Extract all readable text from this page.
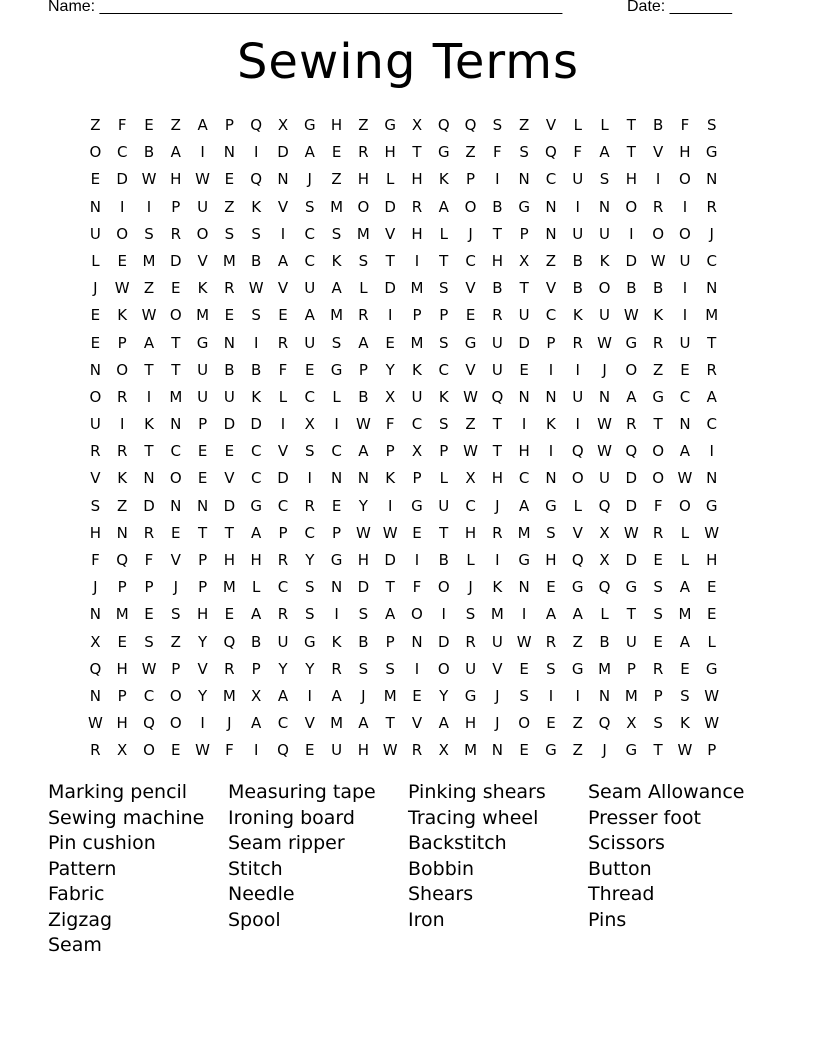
Name: ____________________________________________________	Date: _______
Sewing Terms
Z	F	E	Z	A	P	Q	X	G	H	Z	G	X	Q Q	S	Z	V	L	L	T	B	F	S
O	C	B	A	I	N	I	D	A	E	R	H	T	G	Z	F	S	Q	F	A	T	V	H	G
E	D W H W E	Q	N	J	Z	H	L	H	K	P	I	N	C	U	S	H	I	O	N
N	I	I	P	U	Z	K	V	S	M O	D	R	A	O	B	G	N	I	N	O	R	I	R
U	O	S	R	O	S	S	I	C	S	M	V	H	L	J	T	P	N	U	U	I	O O	J
L	E	M D	V	M	B	A	C	K	S	T	I	T	C	H	X	Z	B	K	D W U	C
J	W Z	E	K	R W V	U	A	L	D M	S	V	B	T	V	B	O	B	B	I	N
E	K W O M	E	S	E	A	M	R	I	P	P	E	R	U	C	K	U W K	I	M
E	P	A	T	G	N	I	R	U	S	A	E	M	S	G	U	D	P	R W G	R	U	T
N	O	T	T	U	B	B	F	E	G	P	Y	K	C	V	U	E	I	I	J	O	Z	E	R
O	R	I	M U	U	K	L	C	L	B	X	U	K W Q	N	N	U	N	A	G	C	A
U	I	K	N	P	D	D	I	X	I	W	F	C	S	Z	T	I	K	I	W R	T	N	C
R	R	T	C	E	E	C	V	S	C	A	P	X	P W T	H	I	Q W Q O	A	I
V	K	N	O	E	V	C	D	I	N	N	K	P	L	X	H	C	N	O	U	D	O W N
S	Z	D	N	N	D	G	C	R	E	Y	I	G	U	C	J	A	G	L	Q	D	F	O	G
H	N	R	E	T	T	A	P	C	P W W E	T	H	R	M	S	V	X W R	L	W
F	Q	F	V	P	H	H	R	Y	G	H	D	I	B	L	I	G	H	Q	X	D	E	L	H
J	P	P	J	P	M	L	C	S	N	D	T	F	O	J	K	N	E	G	Q	G	S	A	E
N M	E	S	H	E	A	R	S	I	S	A	O	I	S	M	I	A	A	L	T	S	M	E
X	E	S	Z	Y	Q	B	U	G	K	B	P	N	D	R	U W R	Z	B	U	E	A	L
Q	H W P	V	R	P	Y	Y	R	S	S	I	O	U	V	E	S	G M	P	R	E	G
N	P	C	O	Y	M	X	A	I	A	J	M	E	Y	G	J	S	I	I	N M	P	S W
W H	Q O	I	J	A	C	V	M	A	T	V	A	H	J	O	E	Z	Q	X	S	K W
R	X	O	E W	F	I	Q	E	U	H W R	X	M N	E	G	Z	J	G	T W P
Marking pencil	Measuring tape	Pinking shears	Seam Allowance
Sewing machine	Ironing board	Tracing wheel	Presser foot
Pin cushion	Seam ripper	Backstitch	Scissors
Pattern	Stitch	Bobbin	Button
Fabric	Needle	Shears	Thread
Zigzag	Spool	Iron	Pins
Seam
